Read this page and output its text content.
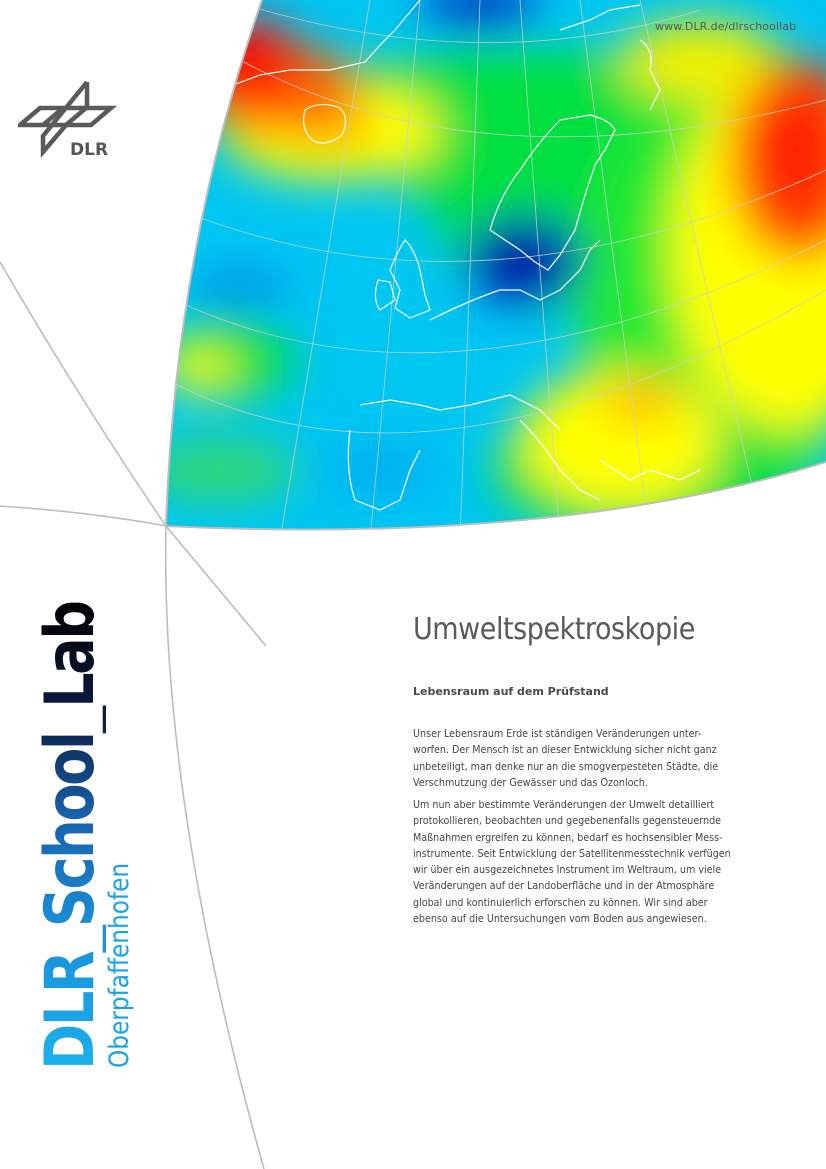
www.DLR.de/dlrschoollab
DLR
DLR_School_Lab
Oberpfaffenhofen
Umweltspektroskopie
Lebensraum auf dem Prüfstand
Unser Lebensraum Erde ist ständigen Veränderungen unter-
worfen. Der Mensch ist an dieser Entwicklung sicher nicht ganz
unbeteiligt, man denke nur an die smogverpesteten Städte, die
Verschmutzung der Gewässer und das Ozonloch.
Um nun aber bestimmte Veränderungen der Umwelt detailliert
protokollieren, beobachten und gegebenenfalls gegensteuernde
Maßnahmen ergreifen zu können, bedarf es hochsensibler Mess-
instrumente. Seit Entwicklung der Satellitenmesstechnik verfügen
wir über ein ausgezeichnetes Instrument im Weltraum, um viele
Veränderungen auf der Landoberfläche und in der Atmosphäre
global und kontinuierlich erforschen zu können. Wir sind aber
ebenso auf die Untersuchungen vom Boden aus angewiesen.
